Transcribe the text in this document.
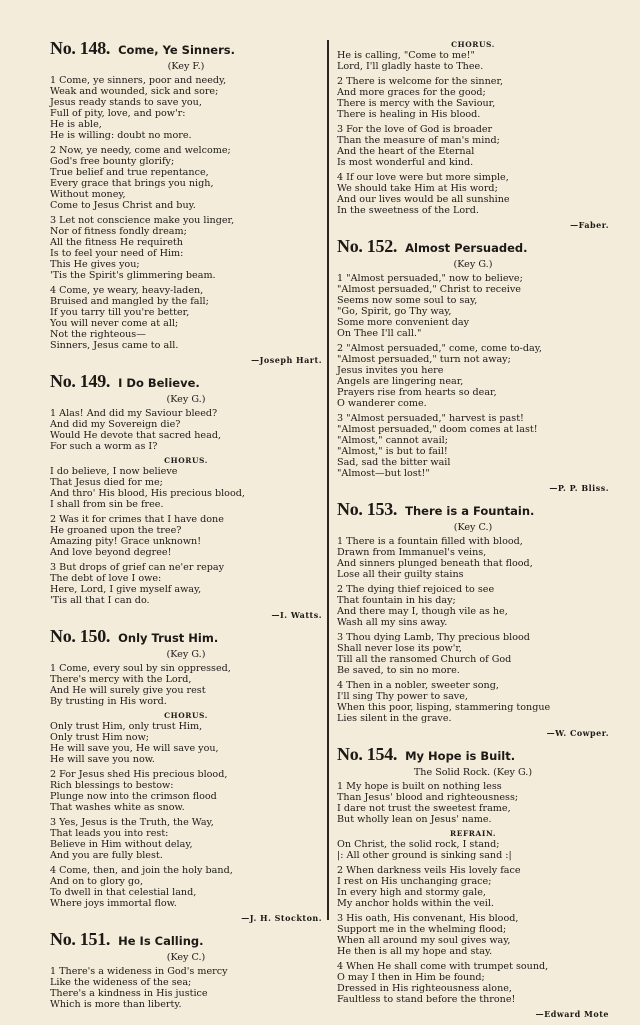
No. 148. Come, Ye Sinners.
(Key F.)
1 Come, ye sinners, poor and needy,
Weak and wounded, sick and sore;
Jesus ready stands to save you,
Full of pity, love, and pow'r:
He is able,
He is willing: doubt no more.
2 Now, ye needy, come and welcome;
God's free bounty glorify;
True belief and true repentance,
Every grace that brings you nigh,
Without money,
Come to Jesus Christ and buy.
3 Let not conscience make you linger,
Nor of fitness fondly dream;
All the fitness He requireth
Is to feel your need of Him:
This He gives you;
'Tis the Spirit's glimmering beam.
4 Come, ye weary, heavy-laden,
Bruised and mangled by the fall;
If you tarry till you're better,
You will never come at all;
Not the righteous—
Sinners, Jesus came to all.
—Joseph Hart.
No. 149. I Do Believe.
(Key G.)
1 Alas! And did my Saviour bleed?
And did my Sovereign die?
Would He devote that sacred head,
For such a worm as I?
CHORUS.
I do believe, I now believe
That Jesus died for me;
And thro' His blood, His precious blood,
I shall from sin be free.
2 Was it for crimes that I have done
He groaned upon the tree?
Amazing pity! Grace unknown!
And love beyond degree!
3 But drops of grief can ne'er repay
The debt of love I owe:
Here, Lord, I give myself away,
'Tis all that I can do.
—I. Watts.
No. 150. Only Trust Him.
(Key G.)
1 Come, every soul by sin oppressed,
There's mercy with the Lord,
And He will surely give you rest
By trusting in His word.
CHORUS.
Only trust Him, only trust Him,
Only trust Him now;
He will save you, He will save you,
He will save you now.
2 For Jesus shed His precious blood,
Rich blessings to bestow:
Plunge now into the crimson flood
That washes white as snow.
3 Yes, Jesus is the Truth, the Way,
That leads you into rest:
Believe in Him without delay,
And you are fully blest.
4 Come, then, and join the holy band,
And on to glory go,
To dwell in that celestial land,
Where joys immortal flow.
—J. H. Stockton.
No. 151. He Is Calling.
(Key C.)
1 There's a wideness in God's mercy
Like the wideness of the sea;
There's a kindness in His justice
Which is more than liberty.
CHORUS.
He is calling, "Come to me!"
Lord, I'll gladly haste to Thee.
2 There is welcome for the sinner,
And more graces for the good;
There is mercy with the Saviour,
There is healing in His blood.
3 For the love of God is broader
Than the measure of man's mind;
And the heart of the Eternal
Is most wonderful and kind.
4 If our love were but more simple,
We should take Him at His word;
And our lives would be all sunshine
In the sweetness of the Lord.
—Faber.
No. 152. Almost Persuaded.
(Key G.)
1 "Almost persuaded," now to believe;
"Almost persuaded," Christ to receive
Seems now some soul to say,
"Go, Spirit, go Thy way,
Some more convenient day
On Thee I'll call."
2 "Almost persuaded," come, come to-day,
"Almost persuaded," turn not away;
Jesus invites you here
Angels are lingering near,
Prayers rise from hearts so dear,
O wanderer come.
3 "Almost persuaded," harvest is past!
"Almost persuaded," doom comes at last!
"Almost," cannot avail;
"Almost," is but to fail!
Sad, sad the bitter wail
"Almost—but lost!"
—P. P. Bliss.
No. 153. There is a Fountain.
(Key C.)
1 There is a fountain filled with blood,
Drawn from Immanuel's veins,
And sinners plunged beneath that flood,
Lose all their guilty stains
2 The dying thief rejoiced to see
That fountain in his day;
And there may I, though vile as he,
Wash all my sins away.
3 Thou dying Lamb, Thy precious blood
Shall never lose its pow'r,
Till all the ransomed Church of God
Be saved, to sin no more.
4 Then in a nobler, sweeter song,
I'll sing Thy power to save,
When this poor, lisping, stammering tongue
Lies silent in the grave.
—W. Cowper.
No. 154. My Hope is Built.
The Solid Rock. (Key G.)
1 My hope is built on nothing less
Than Jesus' blood and righteousness;
I dare not trust the sweetest frame,
But wholly lean on Jesus' name.
REFRAIN.
On Christ, the solid rock, I stand;
|: All other ground is sinking sand :|
2 When darkness veils His lovely face
I rest on His unchanging grace;
In every high and stormy gale,
My anchor holds within the veil.
3 His oath, His convenant, His blood,
Support me in the whelming flood;
When all around my soul gives way,
He then is all my hope and stay.
4 When He shall come with trumpet sound,
O may I then in Him be found;
Dressed in His righteousness alone,
Faultless to stand before the throne!
—Edward Mote
